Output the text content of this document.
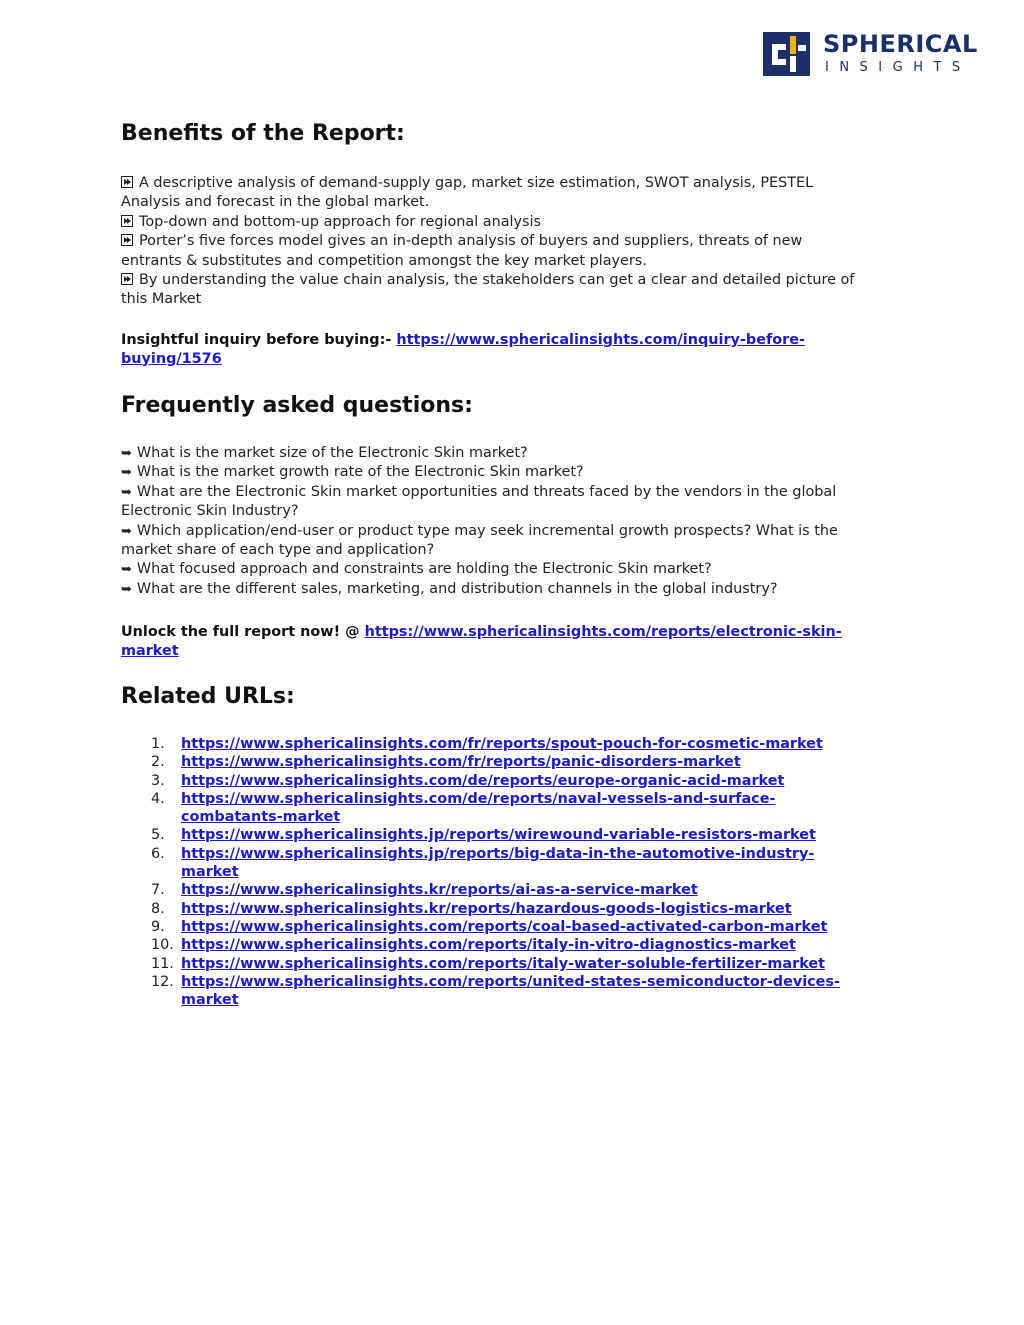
SPHERICAL
INSIGHTS
Benefits of the Report:
A descriptive analysis of demand-supply gap, market size estimation, SWOT analysis, PESTEL
Analysis and forecast in the global market.
Top-down and bottom-up approach for regional analysis
Porter’s five forces model gives an in-depth analysis of buyers and suppliers, threats of new
entrants & substitutes and competition amongst the key market players.
By understanding the value chain analysis, the stakeholders can get a clear and detailed picture of
this Market
Insightful inquiry before buying:- https://www.sphericalinsights.com/inquiry-before-
buying/1576
Frequently asked questions:
➥ What is the market size of the Electronic Skin market?
➥ What is the market growth rate of the Electronic Skin market?
➥ What are the Electronic Skin market opportunities and threats faced by the vendors in the global
Electronic Skin Industry?
➥ Which application/end-user or product type may seek incremental growth prospects? What is the
market share of each type and application?
➥ What focused approach and constraints are holding the Electronic Skin market?
➥ What are the different sales, marketing, and distribution channels in the global industry?
Unlock the full report now! @ https://www.sphericalinsights.com/reports/electronic-skin-
market
Related URLs:
1. https://www.sphericalinsights.com/fr/reports/spout-pouch-for-cosmetic-market
2. https://www.sphericalinsights.com/fr/reports/panic-disorders-market
3. https://www.sphericalinsights.com/de/reports/europe-organic-acid-market
4. https://www.sphericalinsights.com/de/reports/naval-vessels-and-surface-
combatants-market
5. https://www.sphericalinsights.jp/reports/wirewound-variable-resistors-market
6. https://www.sphericalinsights.jp/reports/big-data-in-the-automotive-industry-
market
7. https://www.sphericalinsights.kr/reports/ai-as-a-service-market
8. https://www.sphericalinsights.kr/reports/hazardous-goods-logistics-market
9. https://www.sphericalinsights.com/reports/coal-based-activated-carbon-market
10. https://www.sphericalinsights.com/reports/italy-in-vitro-diagnostics-market
11. https://www.sphericalinsights.com/reports/italy-water-soluble-fertilizer-market
12. https://www.sphericalinsights.com/reports/united-states-semiconductor-devices-
market
